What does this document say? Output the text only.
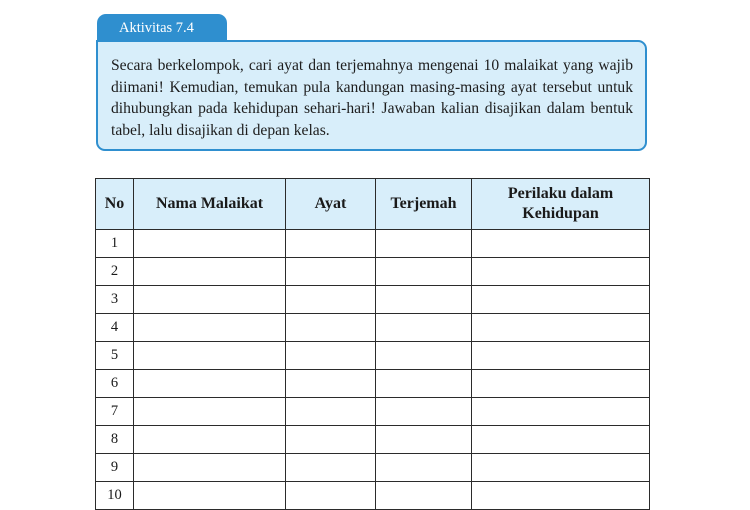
Aktivitas 7.4

Secara berkelompok, cari ayat dan terjemahnya mengenai 10 malaikat yang wajib diimani! Kemudian, temukan pula kandungan masing-masing ayat tersebut untuk dihubungkan pada kehidupan sehari-hari! Jawaban kalian disajikan dalam bentuk tabel, lalu disajikan di depan kelas.

No	Nama Malaikat	Ayat	Terjemah	Perilaku dalam Kehidupan
1				
2				
3				
4				
5				
6				
7				
8				
9				
10				
